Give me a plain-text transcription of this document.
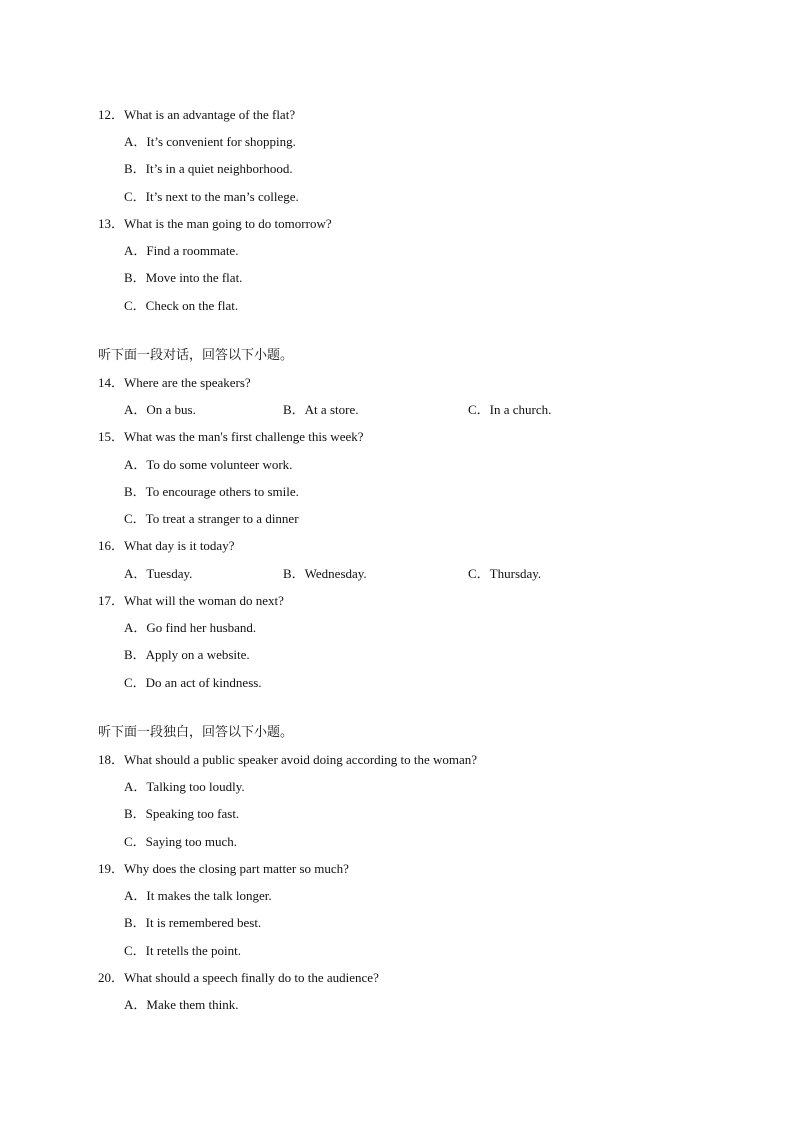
12．What is an advantage of the flat?
A．It’s convenient for shopping.
B．It’s in a quiet neighborhood.
C．It’s next to the man’s college.
13．What is the man going to do tomorrow?
A．Find a roommate.
B．Move into the flat.
C．Check on the flat.
听下面一段对话，回答以下小题。
14．Where are the speakers?
A．On a bus.	B．At a store.	C．In a church.
15．What was the man's first challenge this week?
A．To do some volunteer work.
B．To encourage others to smile.
C．To treat a stranger to a dinner
16．What day is it today?
A．Tuesday.	B．Wednesday.	C．Thursday.
17．What will the woman do next?
A．Go find her husband.
B．Apply on a website.
C．Do an act of kindness.
听下面一段独白，回答以下小题。
18．What should a public speaker avoid doing according to the woman?
A．Talking too loudly.
B．Speaking too fast.
C．Saying too much.
19．Why does the closing part matter so much?
A．It makes the talk longer.
B．It is remembered best.
C．It retells the point.
20．What should a speech finally do to the audience?
A．Make them think.
